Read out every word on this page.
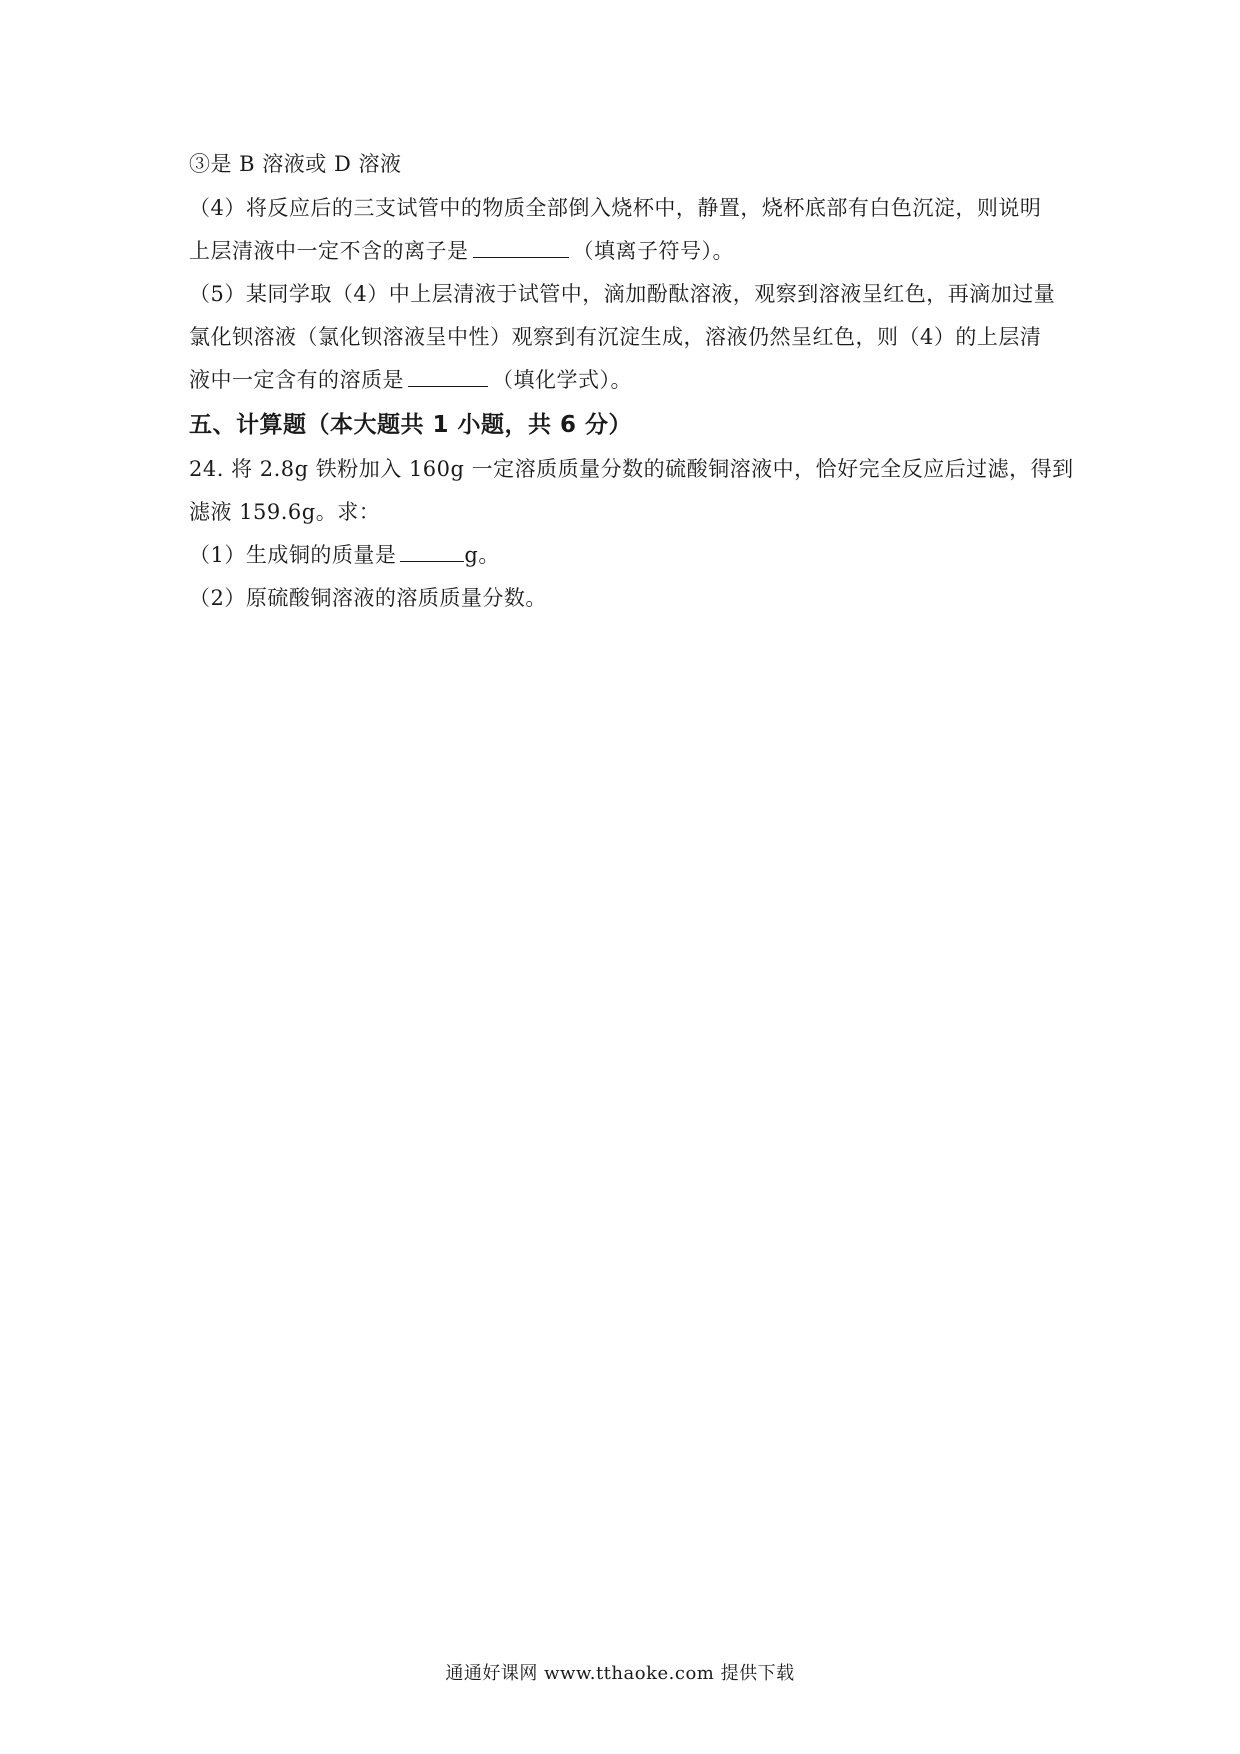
③是 B 溶液或 D 溶液
（4）将反应后的三支试管中的物质全部倒入烧杯中，静置，烧杯底部有白色沉淀，则说明
上层清液中一定不含的离子是	（填离子符号）。
（5）某同学取（4）中上层清液于试管中，滴加酚酞溶液，观察到溶液呈红色，再滴加过量
氯化钡溶液（氯化钡溶液呈中性）观察到有沉淀生成，溶液仍然呈红色，则（4）的上层清
液中一定含有的溶质是	（填化学式）。
五、计算题（本大题共 1 小题，共 6 分）
24. 将 2.8g 铁粉加入 160g 一定溶质质量分数的硫酸铜溶液中，恰好完全反应后过滤，得到
滤液 159.6g。求：
（1）生成铜的质量是	g。
（2）原硫酸铜溶液的溶质质量分数。
通通好课网 www.tthaoke.com 提供下载
